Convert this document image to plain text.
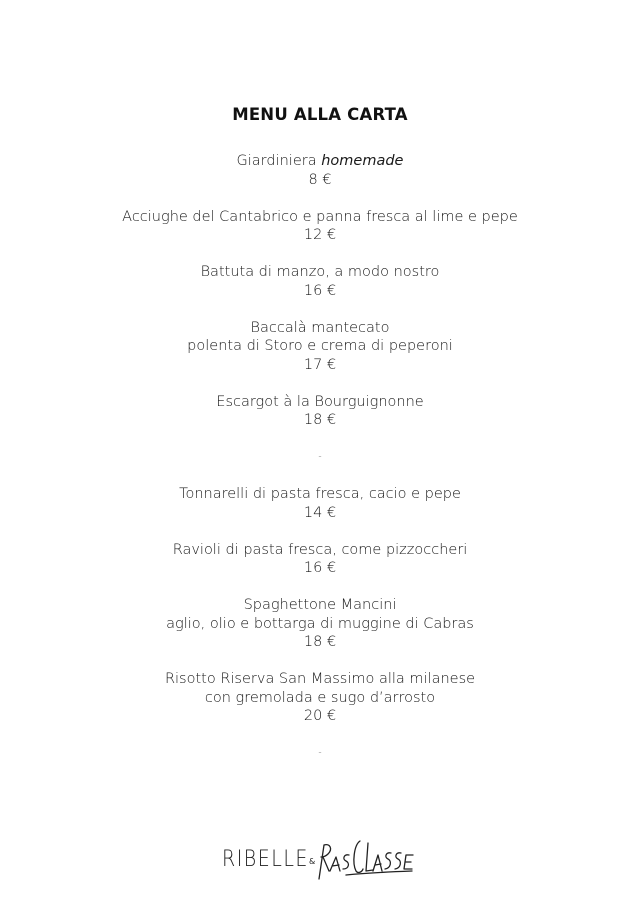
MENU ALLA CARTA
Giardiniera homemade
8 €
Acciughe del Cantabrico e panna fresca al lime e pepe
12 €
Battuta di manzo, a modo nostro
16 €
Baccalà mantecato
polenta di Storo e crema di peperoni
17 €
Escargot à la Bourguignonne
18 €
-
Tonnarelli di pasta fresca, cacio e pepe
14 €
Ravioli di pasta fresca, come pizzoccheri
16 €
Spaghettone Mancini
aglio, olio e bottarga di muggine di Cabras
18 €
Risotto Riserva San Massimo alla milanese
con gremolada e sugo d’arrosto
20 €
-
RIBELLE &
